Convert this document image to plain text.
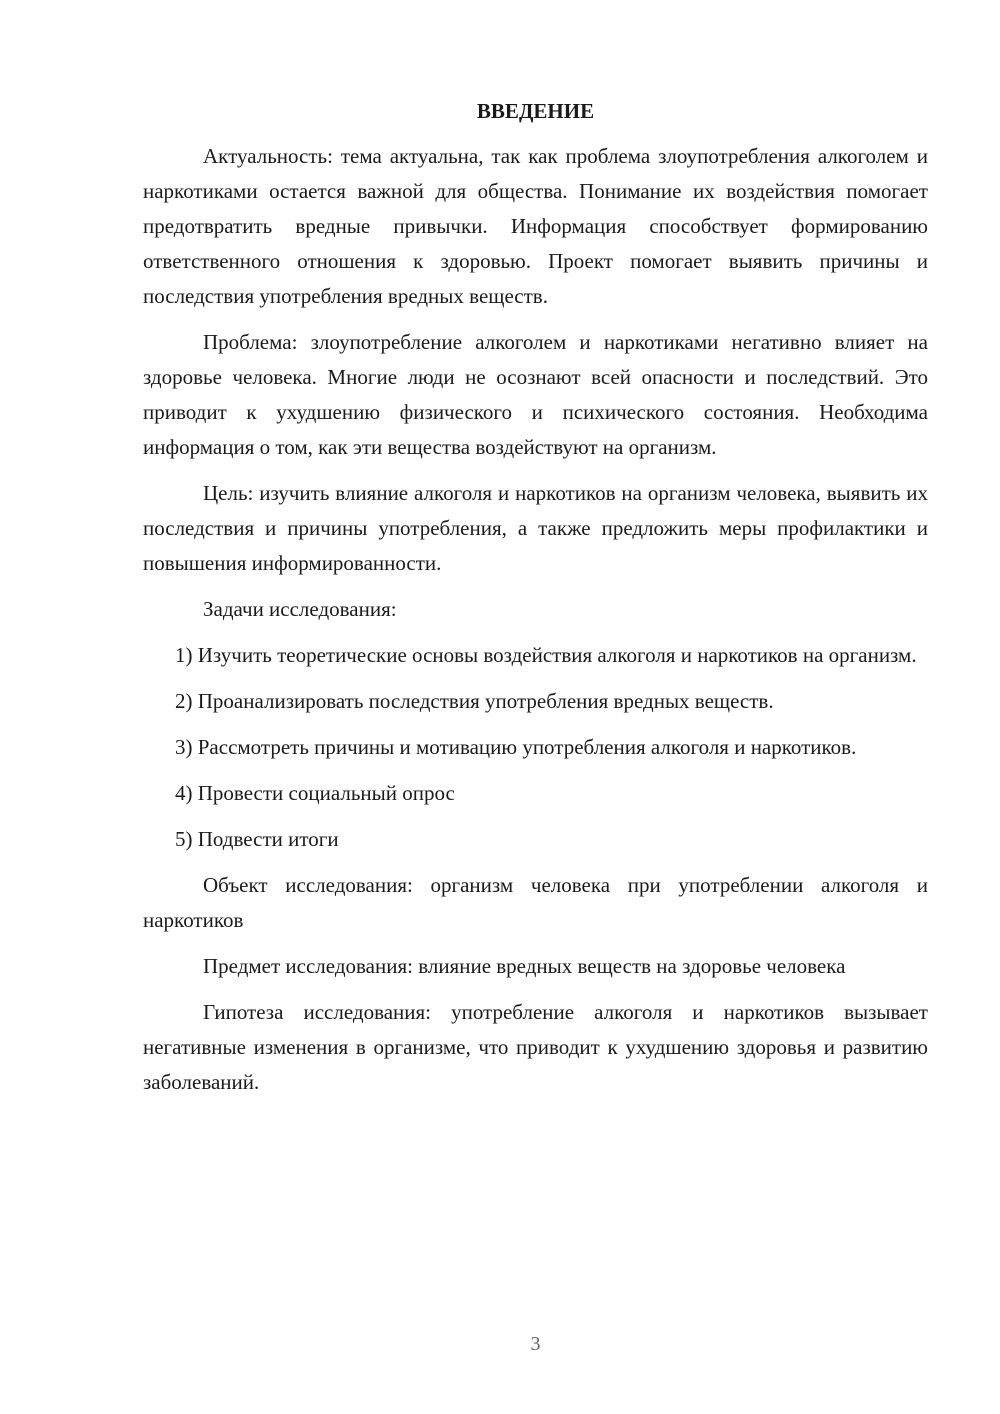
ВВЕДЕНИЕ

Актуальность: тема актуальна, так как проблема злоупотребления алкоголем и наркотиками остается важной для общества. Понимание их воздействия помогает предотвратить вредные привычки. Информация способствует формированию ответственного отношения к здоровью. Проект помогает выявить причины и последствия употребления вредных веществ.

Проблема: злоупотребление алкоголем и наркотиками негативно влияет на здоровье человека. Многие люди не осознают всей опасности и последствий. Это приводит к ухудшению физического и психического состояния. Необходима информация о том, как эти вещества воздействуют на организм.

Цель: изучить влияние алкоголя и наркотиков на организм человека, выявить их последствия и причины употребления, а также предложить меры профилактики и повышения информированности.

Задачи исследования:

1) Изучить теоретические основы воздействия алкоголя и наркотиков на организм.

2) Проанализировать последствия употребления вредных веществ.

3) Рассмотреть причины и мотивацию употребления алкоголя и наркотиков.

4) Провести социальный опрос

5) Подвести итоги

Объект исследования: организм человека при употреблении алкоголя и наркотиков

Предмет исследования: влияние вредных веществ на здоровье человека

Гипотеза исследования: употребление алкоголя и наркотиков вызывает негативные изменения в организме, что приводит к ухудшению здоровья и развитию заболеваний.

3
